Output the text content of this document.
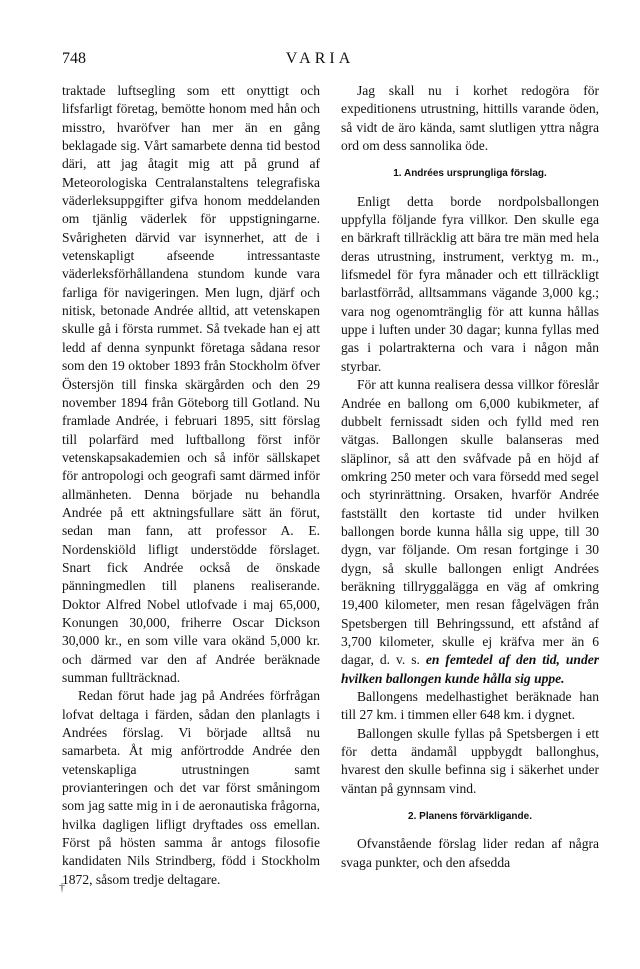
748	VARIA

traktade luftsegling som ett onyttigt och lifsfarligt företag, bemötte honom med hån och misstro, hvaröfver han mer än en gång beklagade sig. Vårt samarbete denna tid bestod däri, att jag åtagit mig att på grund af Meteorologiska Centralanstaltens telegrafiska väderleksuppgifter gifva honom meddelanden om tjänlig väderlek för uppstigningarne. Svårigheten därvid var isynnerhet, att de i vetenskapligt afseende intressantaste väderleksförhållandena stundom kunde vara farliga för navigeringen. Men lugn, djärf och nitisk, betonade Andrée alltid, att vetenskapen skulle gå i första rummet. Så tvekade han ej att ledd af denna synpunkt företaga sådana resor som den 19 oktober 1893 från Stockholm öfver Östersjön till finska skärgården och den 29 november 1894 från Göteborg till Gotland. Nu framlade Andrée, i februari 1895, sitt förslag till polarfärd med luftballong först inför vetenskapsakademien och så inför sällskapet för antropologi och geografi samt därmed inför allmänheten. Denna började nu behandla Andrée på ett aktningsfullare sätt än förut, sedan man fann, att professor A. E. Nordenskiöld lifligt understödde förslaget. Snart fick Andrée också de önskade pänningmedlen till planens realiserande. Doktor Alfred Nobel utlofvade i maj 65,000, Konungen 30,000, friherre Oscar Dickson 30,000 kr., en som ville vara okänd 5,000 kr. och därmed var den af Andrée beräknade summan fullträcknad.

Redan förut hade jag på Andrées förfrågan lofvat deltaga i färden, sådan den planlagts i Andrées förslag. Vi började alltså nu samarbeta. Åt mig anförtrodde Andrée den vetenskapliga utrustningen samt provianteringen och det var först småningom som jag satte mig in i de aeronautiska frågorna, hvilka dagligen lifligt dryftades oss emellan. Först på hösten samma år antogs filosofie kandidaten Nils Strindberg, född i Stockholm 1872, såsom tredje deltagare.

Jag skall nu i korhet redogöra för expeditionens utrustning, hittills varande öden, så vidt de äro kända, samt slutligen yttra några ord om dess sannolika öde.

1. Andrées ursprungliga förslag.

Enligt detta borde nordpolsballongen uppfylla följande fyra villkor. Den skulle ega en bärkraft tillräcklig att bära tre män med hela deras utrustning, instrument, verktyg m. m., lifsmedel för fyra månader och ett tillräckligt barlastförråd, alltsammans vägande 3,000 kg.; vara nog ogenomtränglig för att kunna hållas uppe i luften under 30 dagar; kunna fyllas med gas i polartrakterna och vara i någon mån styrbar.

För att kunna realisera dessa villkor föreslår Andrée en ballong om 6,000 kubikmeter, af dubbelt fernissadt siden och fylld med ren vätgas. Ballongen skulle balanseras med släplinor, så att den svåfvade på en höjd af omkring 250 meter och vara försedd med segel och styrinrättning. Orsaken, hvarför Andrée fastställt den kortaste tid under hvilken ballongen borde kunna hålla sig uppe, till 30 dygn, var följande. Om resan fortginge i 30 dygn, så skulle ballongen enligt Andrées beräkning tillryggalägga en väg af omkring 19,400 kilometer, men resan fågelvägen från Spetsbergen till Behringssund, ett afstånd af 3,700 kilometer, skulle ej kräfva mer än 6 dagar, d. v. s. en femtedel af den tid, under hvilken ballongen kunde hålla sig uppe.

Ballongens medelhastighet beräknade han till 27 km. i timmen eller 648 km. i dygnet.

Ballongen skulle fyllas på Spetsbergen i ett för detta ändamål uppbygdt ballonghus, hvarest den skulle befinna sig i säkerhet under väntan på gynnsam vind.

2. Planens förvärkligande.

Ofvanstående förslag lider redan af några svaga punkter, och den afsedda

†
